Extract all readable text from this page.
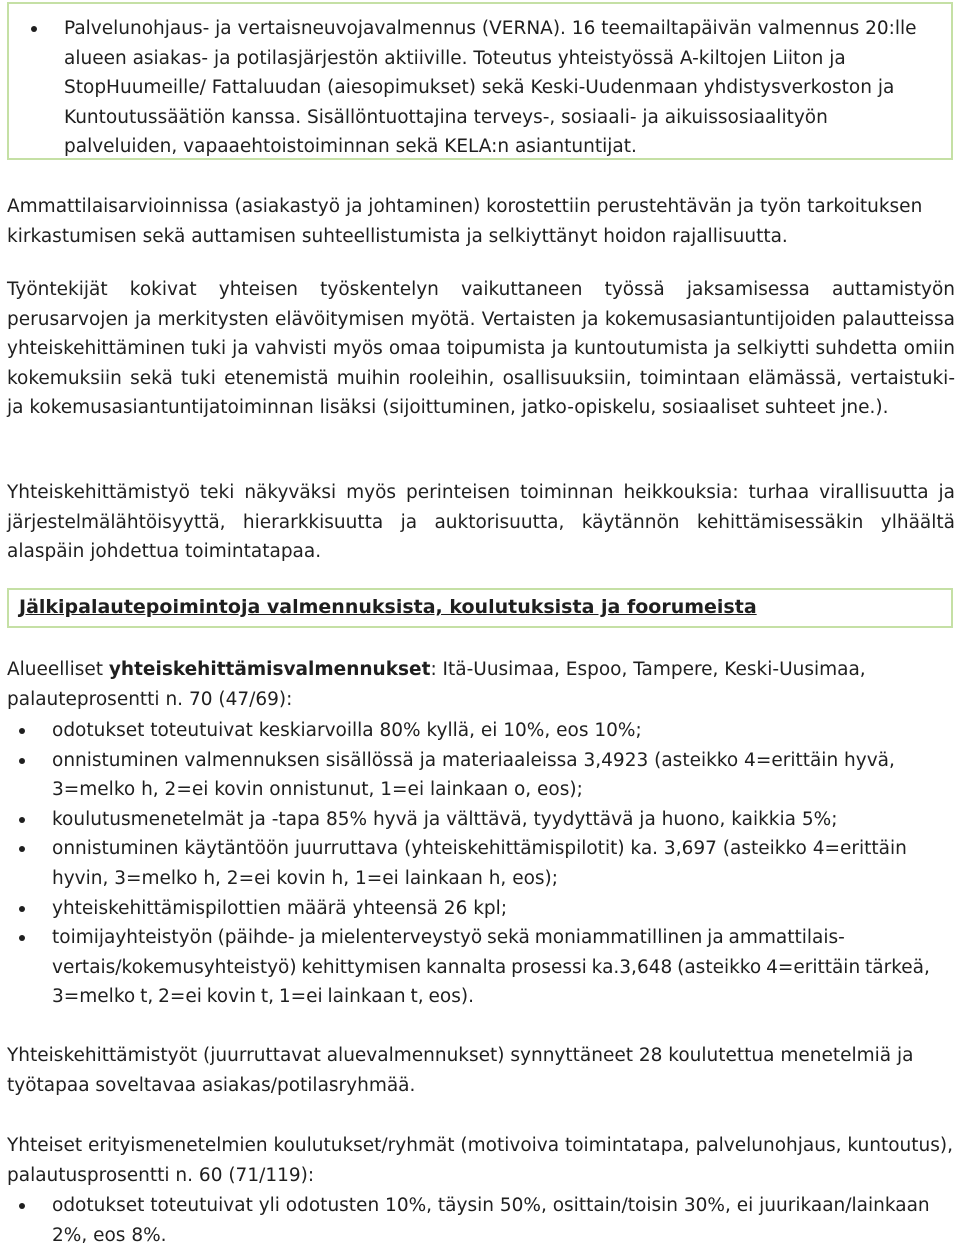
Palvelunohjaus- ja vertaisneuvojavalmennus (VERNA). 16 teemailtapäivän valmennus 20:lle alueen asiakas- ja potilasjärjestön aktiiville. Toteutus yhteistyössä A-kiltojen Liiton ja StopHuumeille/ Fattaluudan (aiesopimukset) sekä Keski-Uudenmaan yhdistysverkoston ja Kuntoutussäätiön kanssa. Sisällöntuottajina terveys-, sosiaali- ja aikuissosiaalityön palveluiden, vapaaehtoistoiminnan sekä KELA:n asiantuntijat.

Ammattilaisarvioinnissa (asiakastyö ja johtaminen) korostettiin perustehtävän ja työn tarkoituksen kirkastumisen sekä auttamisen suhteellistumista ja selkiyttänyt hoidon rajallisuutta.

Työntekijät kokivat yhteisen työskentelyn vaikuttaneen työssä jaksamisessa auttamistyön perusarvojen ja merkitysten elävöitymisen myötä. Vertaisten ja kokemusasiantuntijoiden palautteissa yhteiskehittäminen tuki ja vahvisti myös omaa toipumista ja kuntoutumista ja selkiytti suhdetta omiin kokemuksiin sekä tuki etenemistä muihin rooleihin, osallisuuksiin, toimintaan elämässä, vertaistuki- ja kokemusasiantuntijatoiminnan lisäksi (sijoittuminen, jatko-opiskelu, sosiaaliset suhteet jne.).

Yhteiskehittämistyö teki näkyväksi myös perinteisen toiminnan heikkouksia: turhaa virallisuutta ja järjestelmälähtöisyyttä, hierarkkisuutta ja auktorisuutta, käytännön kehittämisessäkin ylhäältä alaspäin johdettua toimintatapaa.

Jälkipalautepoimintoja valmennuksista, koulutuksista ja foorumeista

Alueelliset yhteiskehittämisvalmennukset: Itä-Uusimaa, Espoo, Tampere, Keski-Uusimaa, palauteprosentti n. 70 (47/69):

odotukset toteutuivat keskiarvoilla 80% kyllä, ei 10%, eos 10%;
onnistuminen valmennuksen sisällössä ja materiaaleissa 3,4923 (asteikko 4=erittäin hyvä, 3=melko h, 2=ei kovin onnistunut, 1=ei lainkaan o, eos);
koulutusmenetelmät ja -tapa 85% hyvä ja välttävä, tyydyttävä ja huono, kaikkia 5%;
onnistuminen käytäntöön juurruttava (yhteiskehittämispilotit) ka. 3,697 (asteikko 4=erittäin hyvin, 3=melko h, 2=ei kovin h, 1=ei lainkaan h, eos);
yhteiskehittämispilottien määrä yhteensä 26 kpl;
toimijayhteistyön (päihde- ja mielenterveystyö sekä moniammatillinen ja ammattilais-vertais/kokemusyhteistyö) kehittymisen kannalta prosessi ka.3,648 (asteikko 4=erittäin tärkeä, 3=melko t, 2=ei kovin t, 1=ei lainkaan t, eos).

Yhteiskehittämistyöt (juurruttavat aluevalmennukset) synnyttäneet 28 koulutettua menetelmiä ja työtapaa soveltavaa asiakas/potilasryhmää.

Yhteiset erityismenetelmien koulutukset/ryhmät (motivoiva toimintatapa, palvelunohjaus, kuntoutus), palautusprosentti n. 60 (71/119):

odotukset toteutuivat yli odotusten 10%, täysin 50%, osittain/toisin 30%, ei juurikaan/lainkaan 2%, eos 8%.
